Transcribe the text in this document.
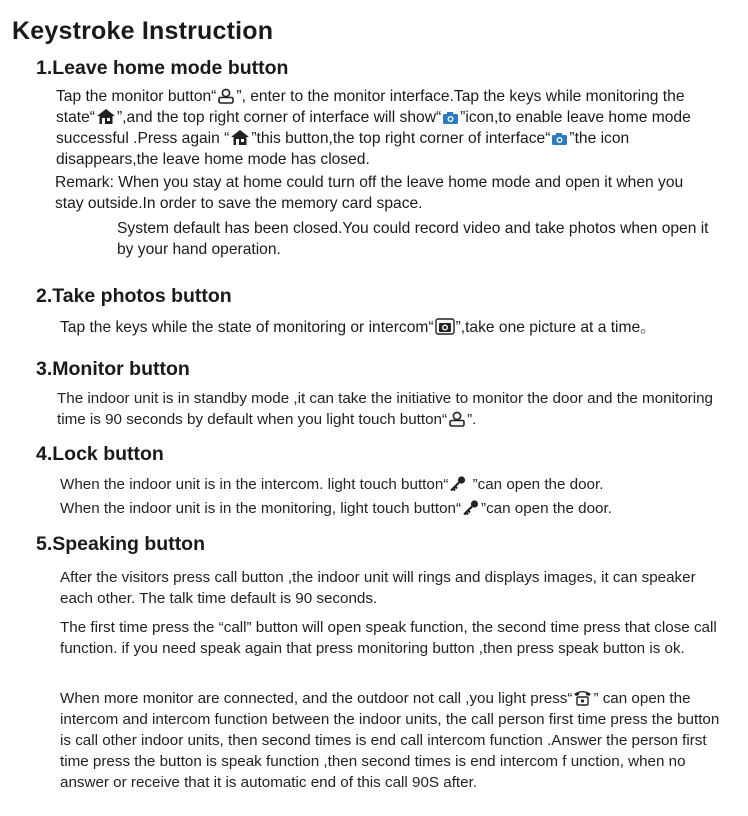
Keystroke Instruction
1.Leave home mode button
Tap the monitor button“ ”, enter to the monitor interface.Tap the keys while monitoring the state“ ”,and the top right corner of interface will show“ ”icon,to enable leave home mode successful .Press again “ ”this button,the top right corner of interface“ ”the icon disappears,the leave home mode has closed.
Remark: When you stay at home could turn off the leave home mode and open it when you stay outside.In order to save the memory card space.
System default has been closed.You could record video and take photos when open it by your hand operation.
2.Take photos button
Tap the keys while the state of monitoring or intercom“ ”,take one picture at a time。
3.Monitor button
The indoor unit is in standby mode ,it can take the initiative to monitor the door and the monitoring time is 90 seconds by default when you light touch button“ ”.
4.Lock button
When the indoor unit is in the intercom. light touch button“
”can open the door.
When the indoor unit is in the monitoring, light touch button“ ”can open the door.
5.Speaking button
After the visitors press call button ,the indoor unit will rings and displays images, it can speaker each other. The talk time default is 90 seconds.
The first time press the “call” button will open speak function, the second time press that close call function. if you need speak again that press monitoring button ,then press speak button is ok.
When more monitor are connected, and the outdoor not call ,you light press“ ” can open the intercom and intercom function between the indoor units, the call person first time press the button is call other indoor units, then second times is end call intercom function .Answer the person first time press the button is speak function ,then second times is end intercom f unction, when no answer or receive that it is automatic end of this call 90S after.
